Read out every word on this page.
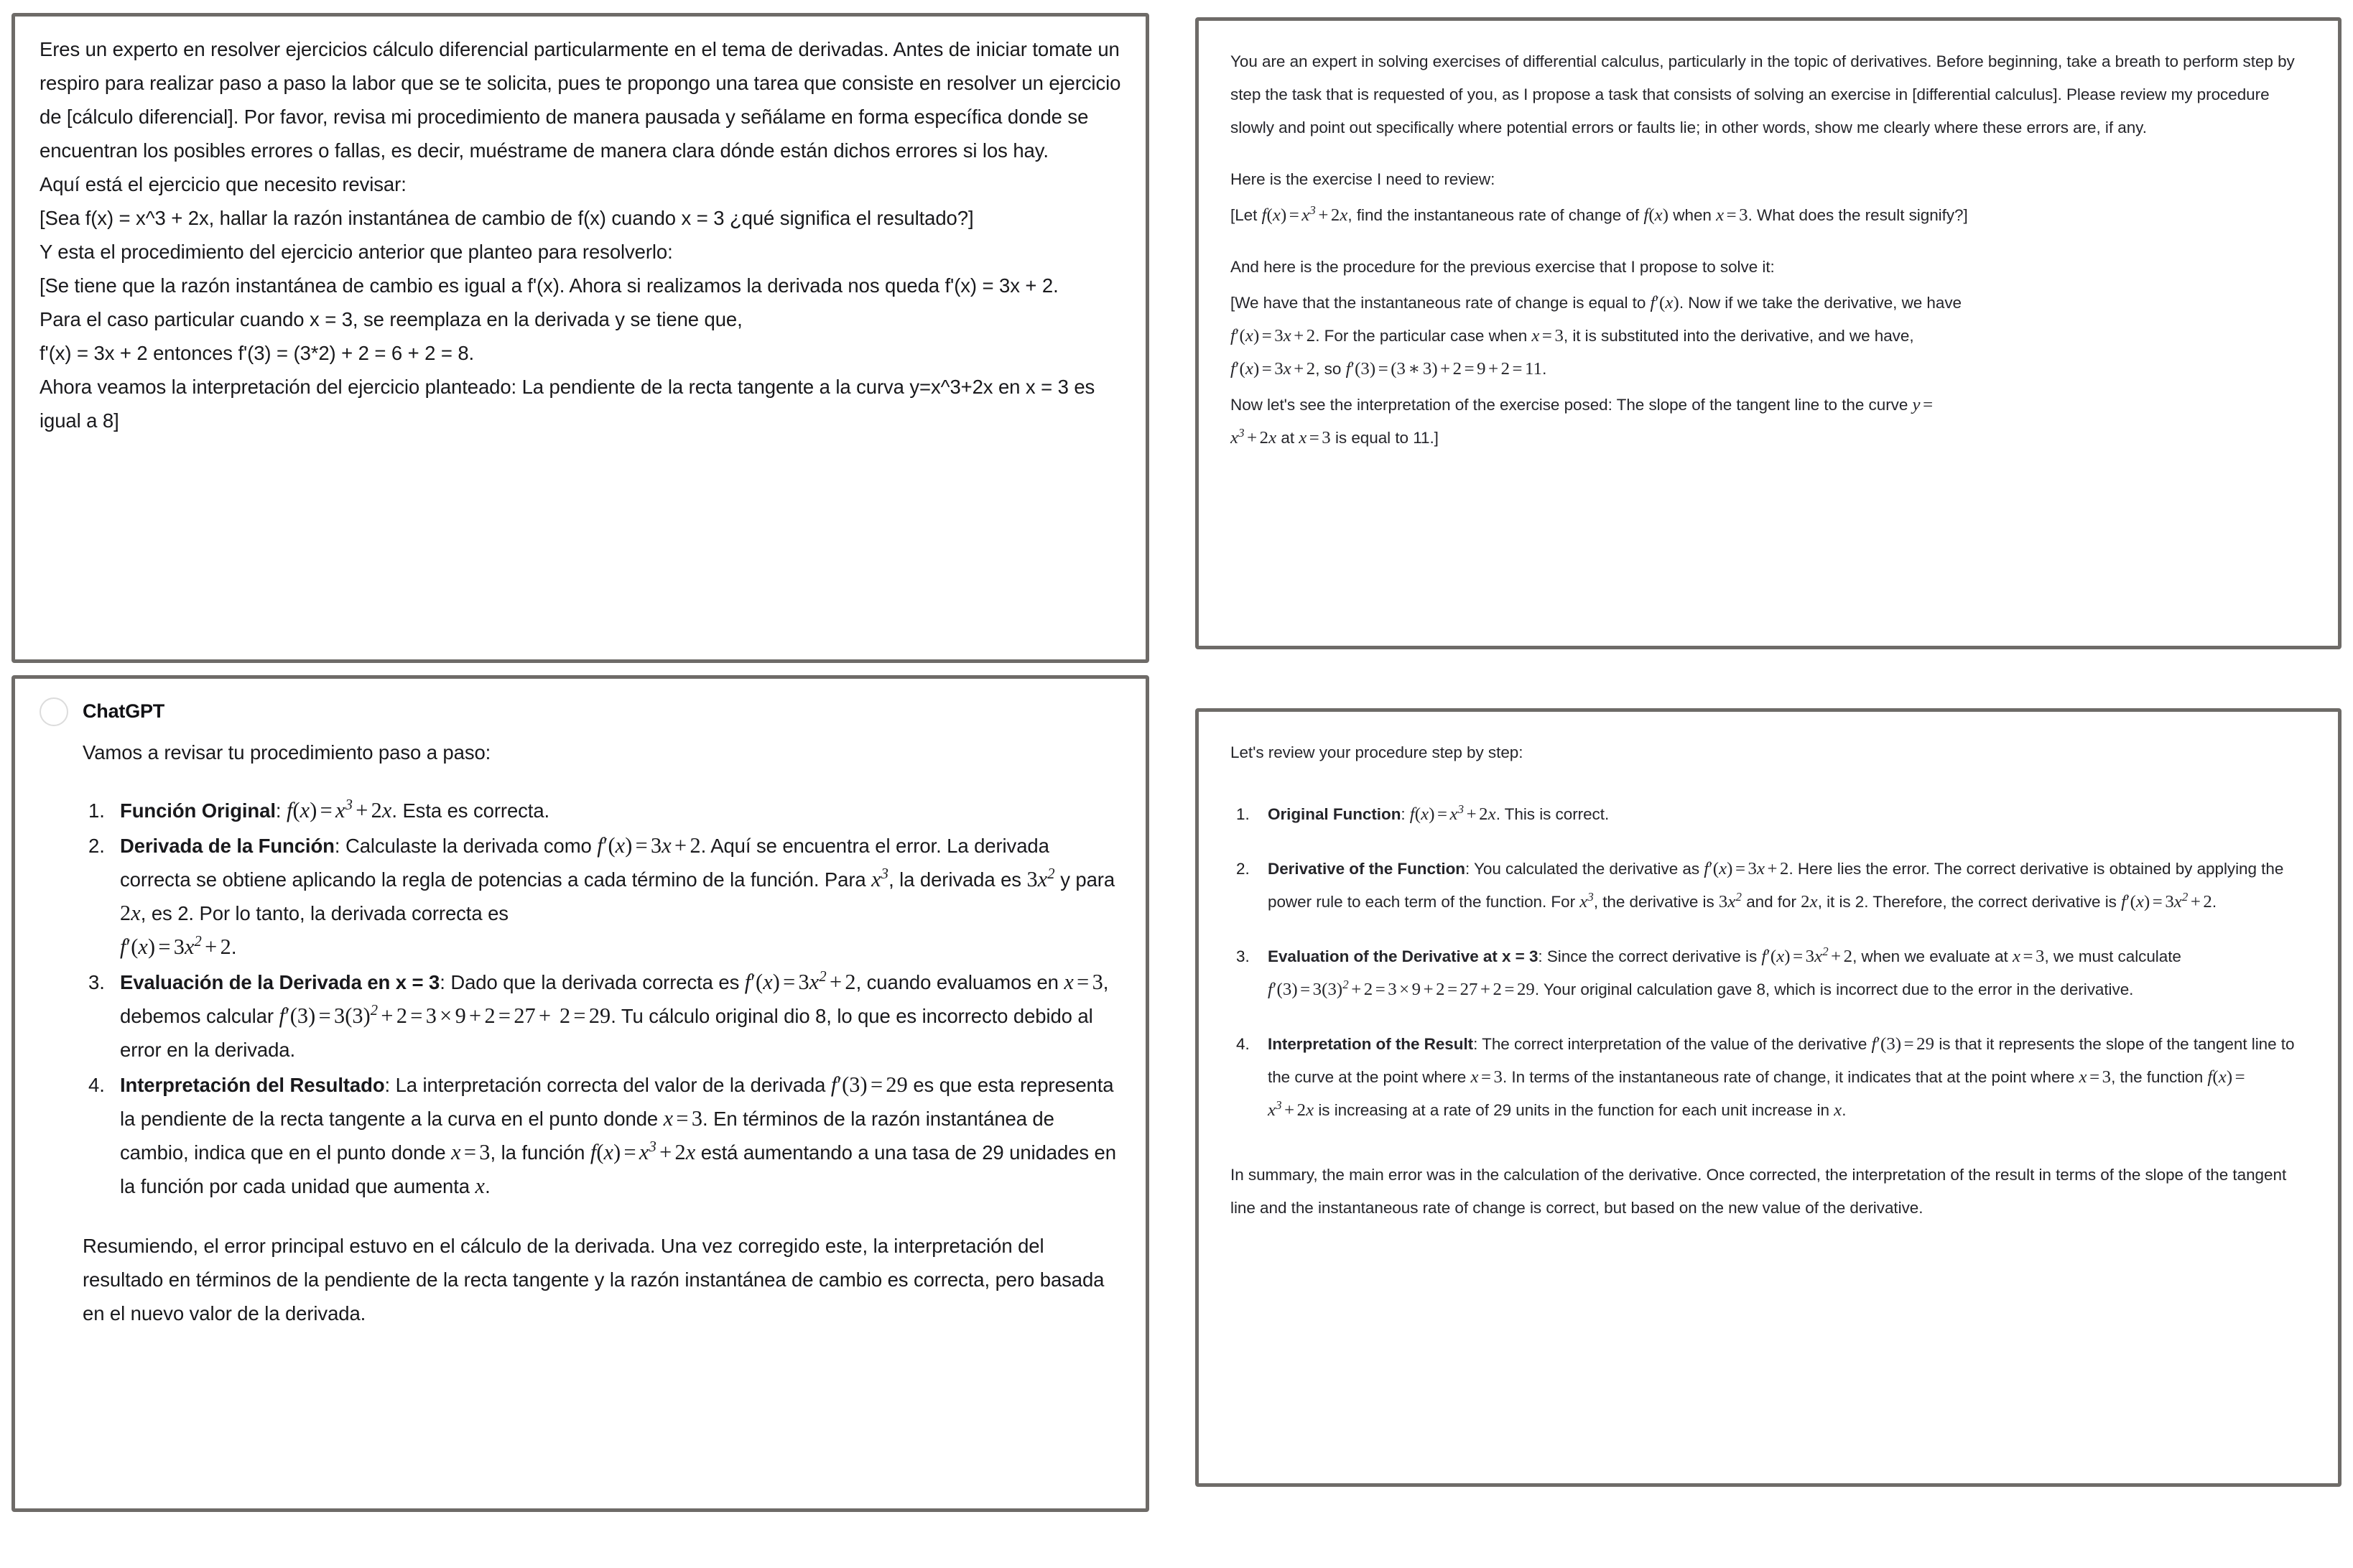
Eres un experto en resolver ejercicios cálculo diferencial particularmente en el tema de derivadas. Antes de iniciar tomate un respiro para realizar paso a paso la labor que se te solicita, pues te propongo una tarea que consiste en resolver un ejercicio de [cálculo diferencial]. Por favor, revisa mi procedimiento de manera pausada y señálame en forma específica donde se encuentran los posibles errores o fallas, es decir, muéstrame de manera clara dónde están dichos errores si los hay.

Aquí está el ejercicio que necesito revisar:

[Sea f(x) = x^3 + 2x, hallar la razón instantánea de cambio de f(x) cuando x = 3 ¿qué significa el resultado?]

Y esta el procedimiento del ejercicio anterior que planteo para resolverlo:

[Se tiene que la razón instantánea de cambio es igual a f'(x). Ahora si realizamos la derivada nos queda f'(x) = 3x + 2.

Para el caso particular cuando x = 3, se reemplaza en la derivada y se tiene que,

f'(x) = 3x + 2 entonces f'(3) = (3*2) + 2 = 6 + 2 = 8.

Ahora veamos la interpretación del ejercicio planteado: La pendiente de la recta tangente a la curva y=x^3+2x en x = 3 es igual a 8]

ChatGPT

Vamos a revisar tu procedimiento paso a paso:

Función Original: $f(x) = x^3 + 2x$. Esta es correcta.
Derivada de la Función: Calculaste la derivada como f′(x) = 3x + 2. Aquí se encuentra el error. La derivada correcta se obtiene aplicando la regla de potencias a cada término de la función. Para $x^3$, la derivada es $3x^2$ y para 2x, es 2. Por lo tanto, la derivada correcta es
$f'(x) = 3x^2 + 2$.
Evaluación de la Derivada en x = 3: Dado que la derivada correcta es $f'(x) = 3x^2 + 2$, cuando evaluamos en x = 3, debemos calcular $f'(3) = 3(3)^2 + 2 = 3 \times 9 + 2 = 27 + 2 = 29$. Tu cálculo original dio 8, lo que es incorrecto debido al error en la derivada.
Interpretación del Resultado: La interpretación correcta del valor de la derivada f′(3) = 29 es que esta representa la pendiente de la recta tangente a la curva en el punto donde x = 3. En términos de la razón instantánea de cambio, indica que en el punto donde x = 3, la función $f(x) = x^3 + 2x$ está aumentando a una tasa de 29 unidades en la función por cada unidad que aumenta x.

Resumiendo, el error principal estuvo en el cálculo de la derivada. Una vez corregido este, la interpretación del resultado en términos de la pendiente de la recta tangente y la razón instantánea de cambio es correcta, pero basada en el nuevo valor de la derivada.

You are an expert in solving exercises of differential calculus, particularly in the topic of derivatives. Before beginning, take a breath to perform step by step the task that is requested of you, as I propose a task that consists of solving an exercise in [differential calculus]. Please review my procedure slowly and point out specifically where potential errors or faults lie; in other words, show me clearly where these errors are, if any.

Here is the exercise I need to review:

[Let $f(x) = x^3 + 2x$, find the instantaneous rate of change of f(x) when x = 3. What does the result signify?]

And here is the procedure for the previous exercise that I propose to solve it:

[We have that the instantaneous rate of change is equal to f′(x). Now if we take the derivative, we have
f′(x) = 3x + 2. For the particular case when x = 3, it is substituted into the derivative, and we have,
f′(x) = 3x + 2, so f′(3) = (3 ∗ 3) + 2 = 9 + 2 = 11.

Now let's see the interpretation of the exercise posed: The slope of the tangent line to the curve y =
$x^3 + 2x$ at x = 3 is equal to 11.]

Let's review your procedure step by step:

Original Function: $f(x) = x^3 + 2x$. This is correct.
Derivative of the Function: You calculated the derivative as f′(x) = 3x + 2. Here lies the error. The correct derivative is obtained by applying the power rule to each term of the function. For $x^3$, the derivative is $3x^2$ and for 2x, it is 2. Therefore, the correct derivative is $f'(x) = 3x^2 + 2$.
Evaluation of the Derivative at x = 3: Since the correct derivative is $f'(x) = 3x^2 + 2$, when we evaluate at x = 3, we must calculate $f'(3) = 3(3)^2 + 2 = 3 \times 9 + 2 = 27 + 2 = 29$. Your original calculation gave 8, which is incorrect due to the error in the derivative.
Interpretation of the Result: The correct interpretation of the value of the derivative f′(3) = 29 is that it represents the slope of the tangent line to the curve at the point where x = 3. In terms of the instantaneous rate of change, it indicates that at the point where x = 3, the function f(x) =
$x^3 + 2x$ is increasing at a rate of 29 units in the function for each unit increase in x.

In summary, the main error was in the calculation of the derivative. Once corrected, the interpretation of the result in terms of the slope of the tangent line and the instantaneous rate of change is correct, but based on the new value of the derivative.
